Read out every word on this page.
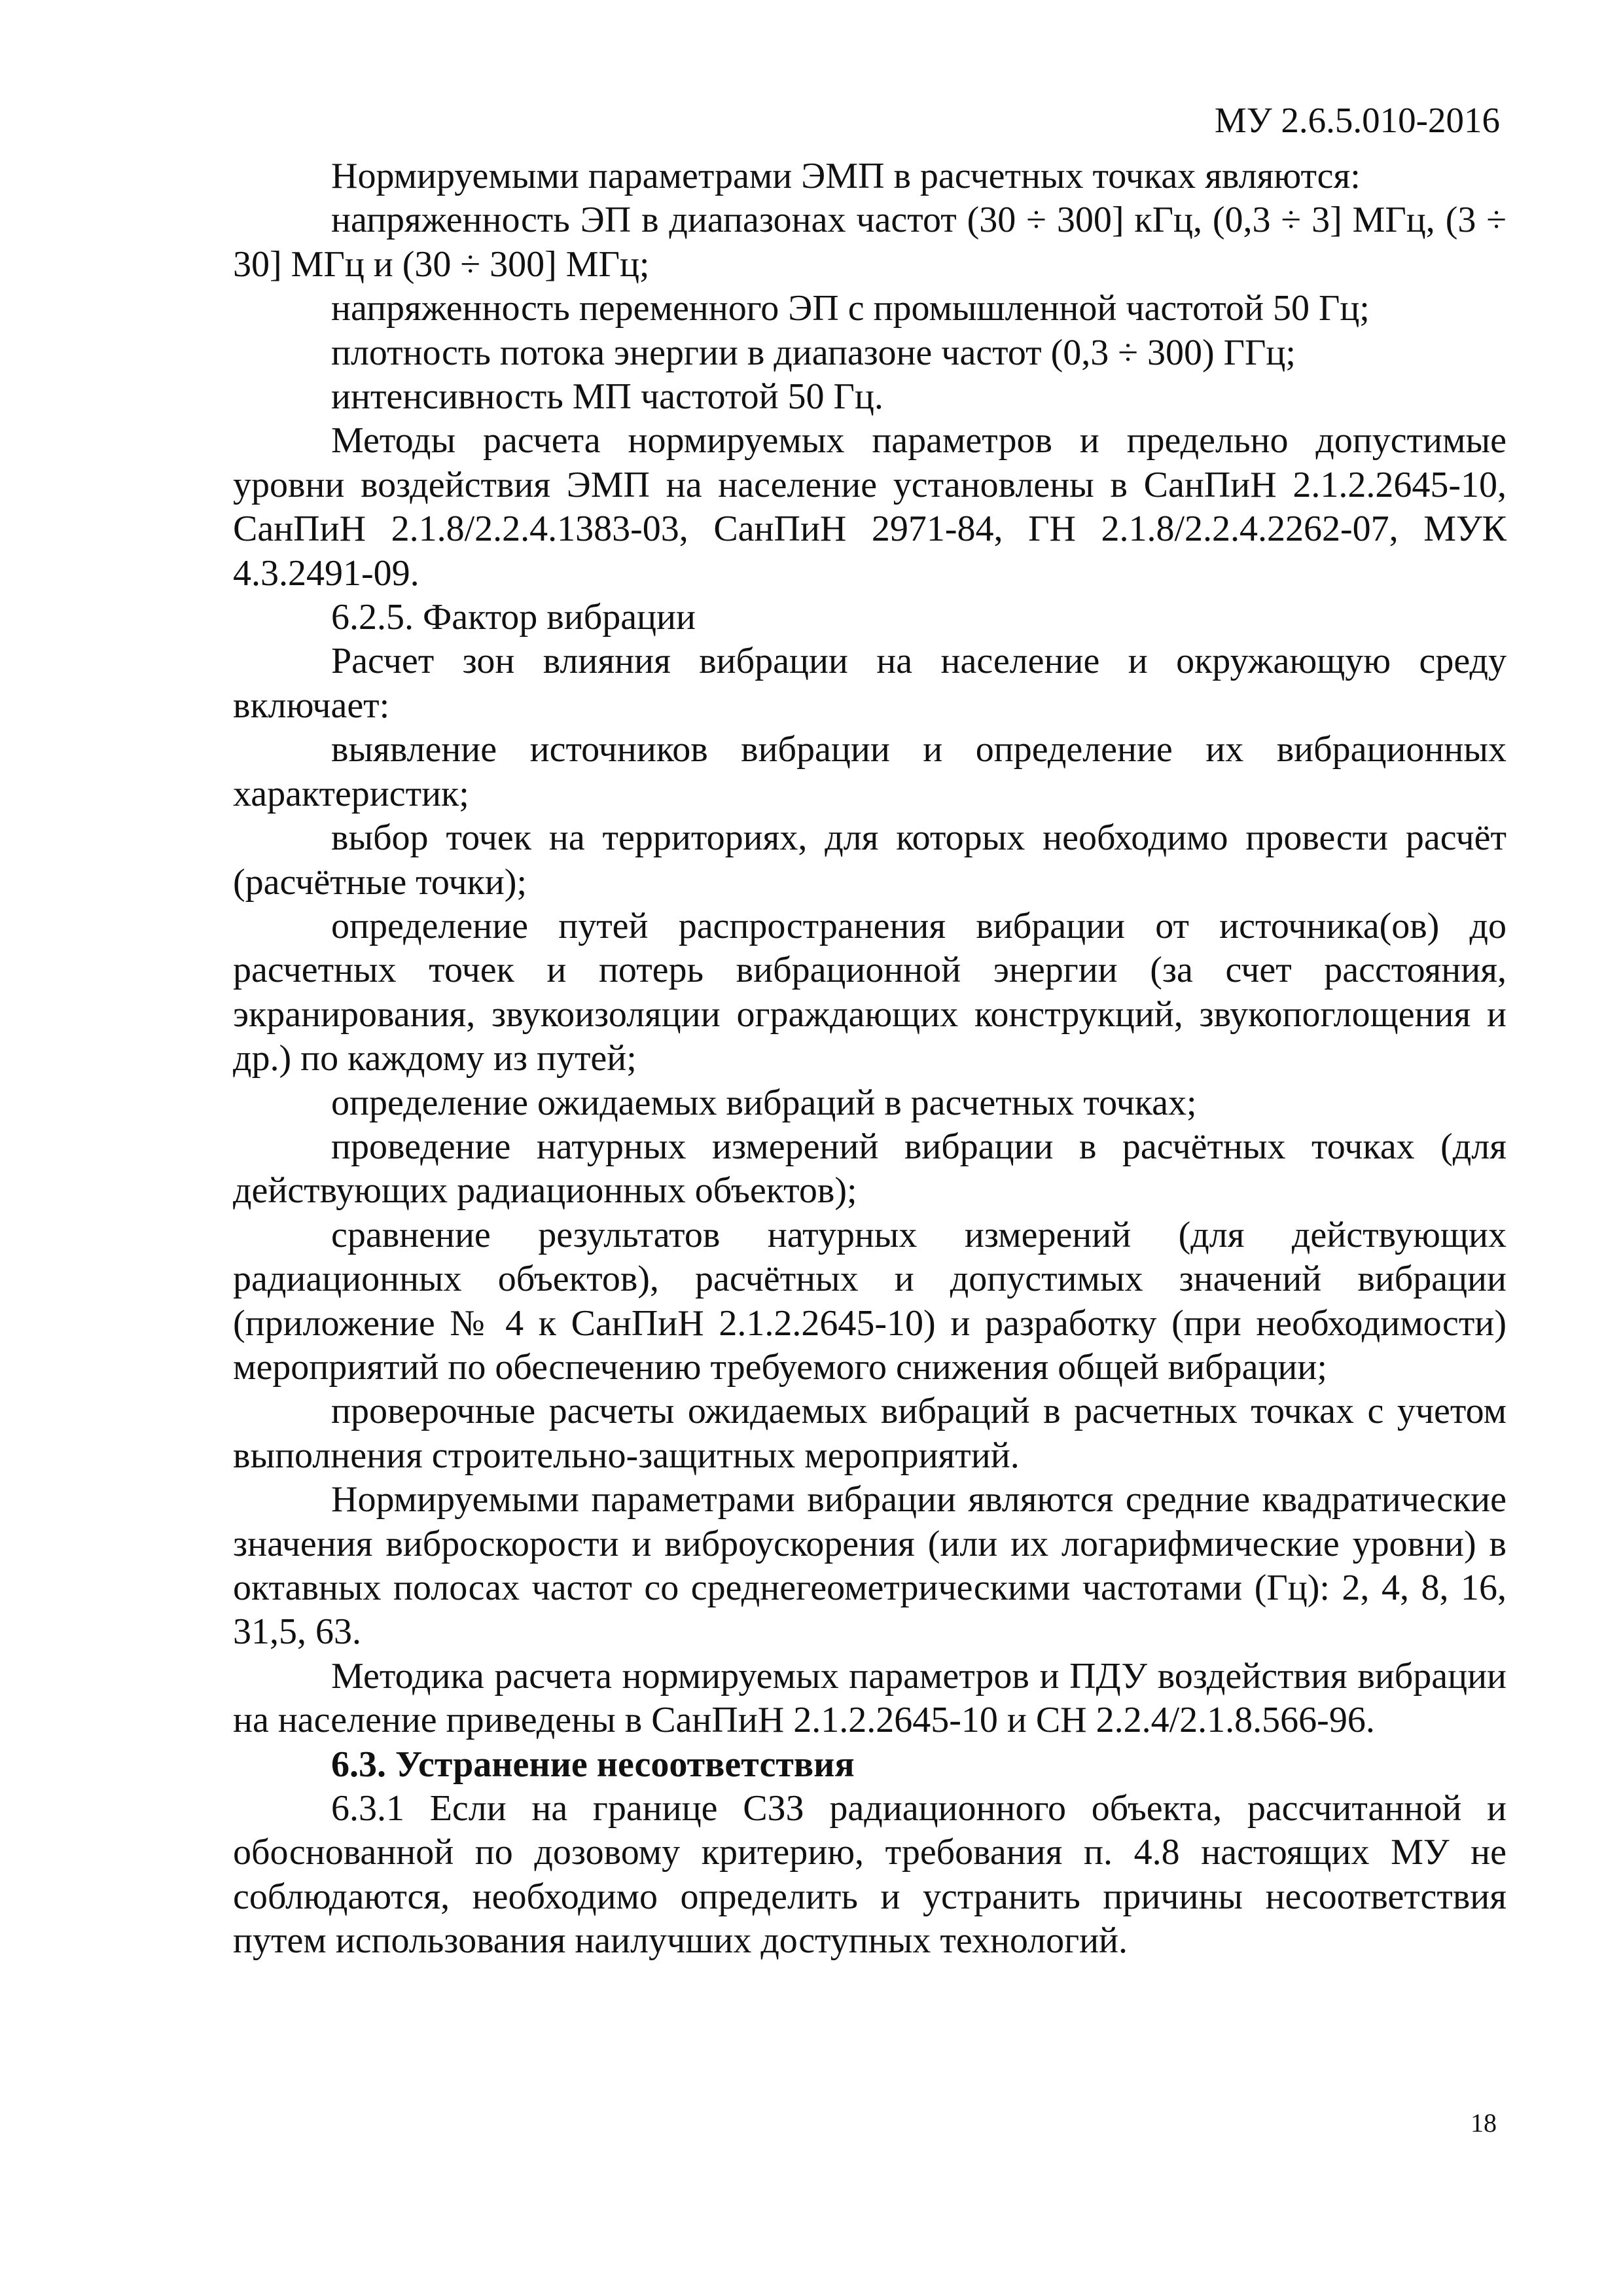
МУ 2.6.5.010-2016

Нормируемыми параметрами ЭМП в расчетных точках являются:

напряженность ЭП в диапазонах частот (30 ÷ 300] кГц, (0,3 ÷ 3] МГц, (3 ÷ 30] МГц и (30 ÷ 300] МГц;

напряженность переменного ЭП с промышленной частотой 50 Гц;

плотность потока энергии в диапазоне частот (0,3 ÷ 300) ГГц;

интенсивность МП частотой 50 Гц.

Методы расчета нормируемых параметров и предельно допустимые уровни воздействия ЭМП на население установлены в СанПиН 2.1.2.2645-10, СанПиН 2.1.8/2.2.4.1383-03, СанПиН 2971-84, ГН 2.1.8/2.2.4.2262-07, МУК 4.3.2491-09.

6.2.5. Фактор вибрации

Расчет зон влияния вибрации на население и окружающую среду включает:

выявление источников вибрации и определение их вибрационных характеристик;

выбор точек на территориях, для которых необходимо провести расчёт (расчётные точки);

определение путей распространения вибрации от источника(ов) до расчетных точек и потерь вибрационной энергии (за счет расстояния, экранирования, звукоизоляции ограждающих конструкций, звукопоглощения и др.) по каждому из путей;

определение ожидаемых вибраций в расчетных точках;

проведение натурных измерений вибрации в расчётных точках (для действующих радиационных объектов);

сравнение результатов натурных измерений (для действующих радиационных объектов), расчётных и допустимых значений вибрации (приложение № 4 к СанПиН 2.1.2.2645-10) и разработку (при необходимости) мероприятий по обеспечению требуемого снижения общей вибрации;

проверочные расчеты ожидаемых вибраций в расчетных точках с учетом выполнения строительно-защитных мероприятий.

Нормируемыми параметрами вибрации являются средние квадратические значения виброскорости и виброускорения (или их логарифмические уровни) в октавных полосах частот со среднегеометрическими частотами (Гц): 2, 4, 8, 16, 31,5, 63.

Методика расчета нормируемых параметров и ПДУ воздействия вибрации на население приведены в СанПиН 2.1.2.2645-10 и СН 2.2.4/2.1.8.566-96.

6.3. Устранение несоответствия

6.3.1 Если на границе СЗЗ радиационного объекта, рассчитанной и обоснованной по дозовому критерию, требования п. 4.8 настоящих МУ не соблюдаются, необходимо определить и устранить причины несоответствия путем использования наилучших доступных технологий.

18
